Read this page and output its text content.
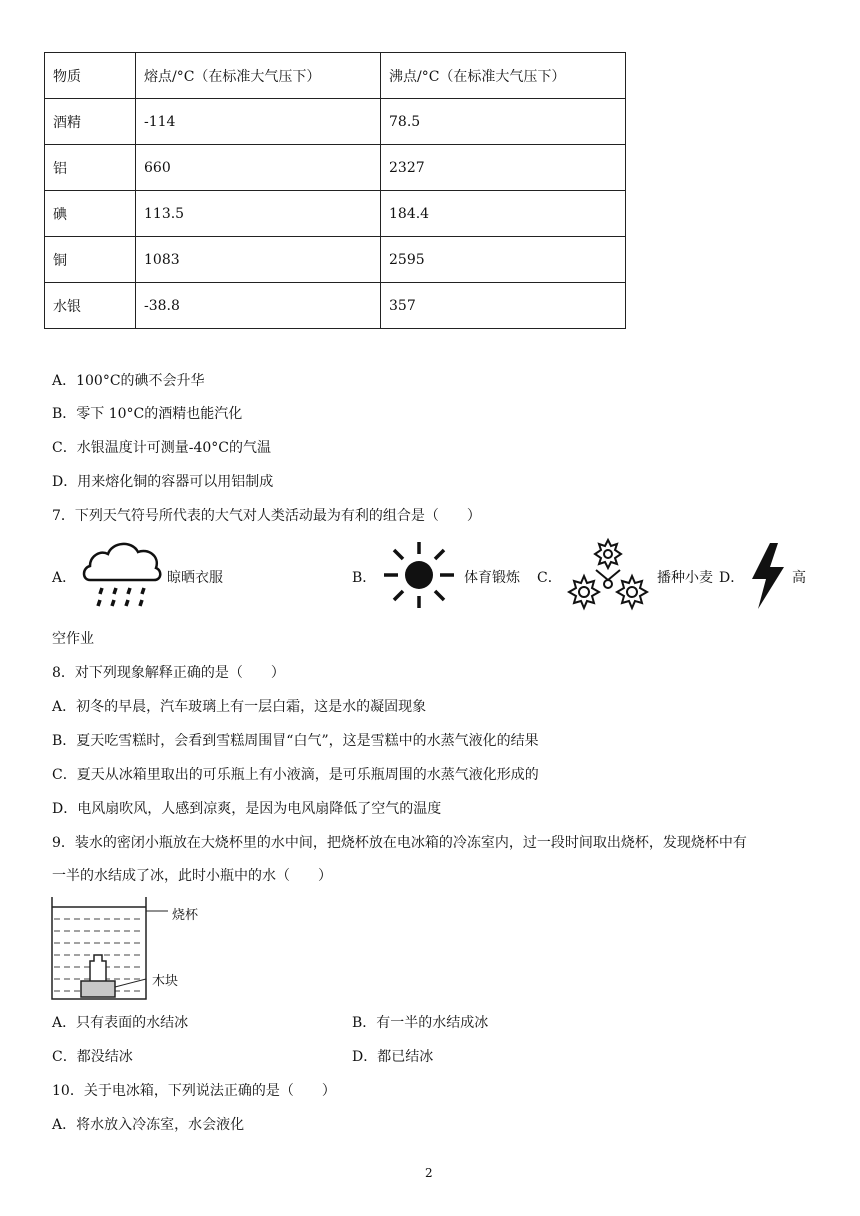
物质	熔点/°C（在标准大气压下）	沸点/°C（在标准大气压下）
酒精	-114	78.5
铝	660	2327
碘	113.5	184.4
铜	1083	2595
水银	-38.8	357
A．100°C的碘不会升华
B．零下 10°C的酒精也能汽化
C．水银温度计可测量-40°C的气温
D．用来熔化铜的容器可以用铝制成
7．下列天气符号所代表的大气对人类活动最为有利的组合是（　　）
A．	晾晒衣服	B．	体育锻炼 C．	播种小麦 D．	高
空作业
8．对下列现象解释正确的是（　　）
A．初冬的早晨，汽车玻璃上有一层白霜，这是水的凝固现象
B．夏天吃雪糕时，会看到雪糕周围冒“白气”，这是雪糕中的水蒸气液化的结果
C．夏天从冰箱里取出的可乐瓶上有小液滴，是可乐瓶周围的水蒸气液化形成的
D．电风扇吹风，人感到凉爽，是因为电风扇降低了空气的温度
9．装水的密闭小瓶放在大烧杯里的水中间，把烧杯放在电冰箱的冷冻室内，过一段时间取出烧杯，发现烧杯中有
一半的水结成了冰，此时小瓶中的水（　　）
烧杯
木块
A．只有表面的水结冰	B．有一半的水结成冰
C．都没结冰	D．都已结冰
10．关于电冰箱，下列说法正确的是（　　）
A．将水放入冷冻室，水会液化
2
